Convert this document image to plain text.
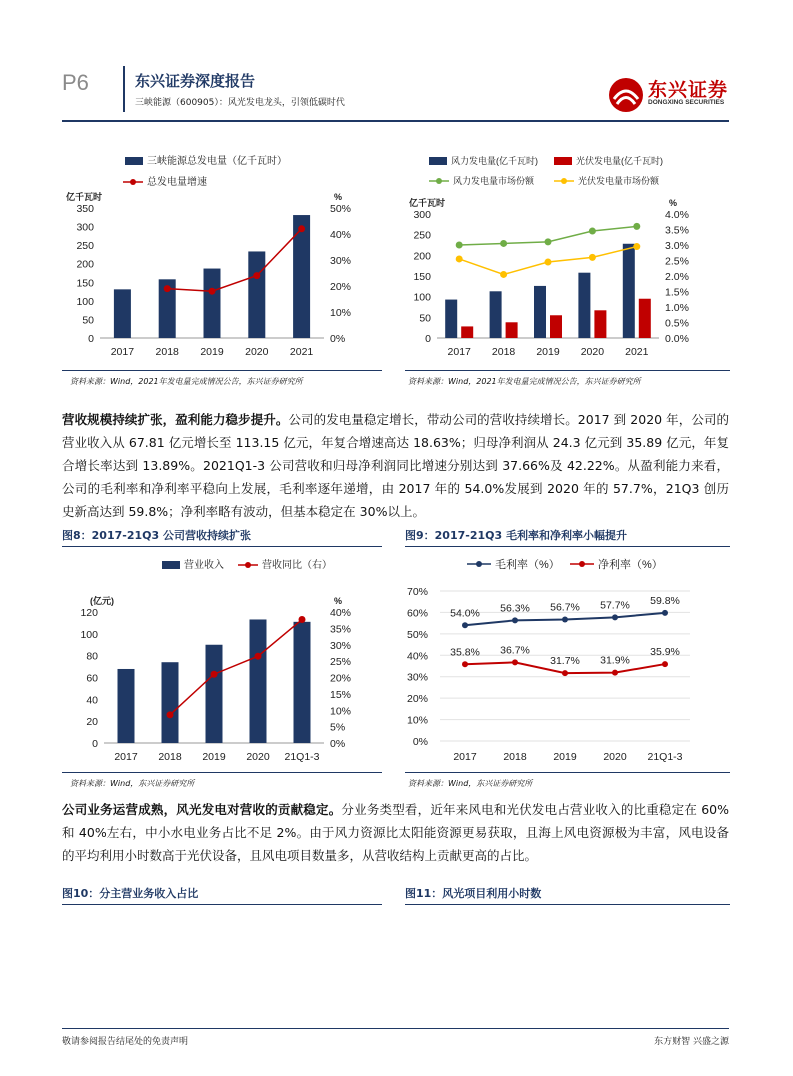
P6	东兴证券深度报告
三峡能源（600905）：风光发电龙头，引领低碳时代
东兴证券
DONGXING SECURITIES
三峡能源总发电量（亿千瓦时）
总发电量增速
亿千瓦时	%
0
50
100
150
200
250
300
350
0%
10%
20%
30%
40%
50%
2017 2018 2019 2020 2021
风力发电量(亿千瓦时)	光伏发电量(亿千瓦时)
风力发电量市场份额	光伏发电量市场份额
亿千瓦时	%
0
50
100
150
200
250
300
0.0%
0.5%
1.0%
1.5%
2.0%
2.5%
3.0%
3.5%
4.0%
2017 2018 2019 2020 2021
资料来源：Wind，2021年发电量完成情况公告，东兴证券研究所	资料来源：Wind，2021年发电量完成情况公告，东兴证券研究所
营收规模持续扩张，盈利能力稳步提升。公司的发电量稳定增长，带动公司的营收持续增长。2017 到 2020 年，公司的营业收入从 67.81 亿元增长至 113.15 亿元，年复合增速高达 18.63%；归母净利润从 24.3 亿元到 35.89 亿元，年复合增长率达到 13.89%。2021Q1-3 公司营收和归母净利润同比增速分别达到 37.66%及 42.22%。从盈利能力来看，公司的毛利率和净利率平稳向上发展，毛利率逐年递增，由 2017 年的 54.0%发展到 2020 年的 57.7%，21Q3 创历史新高达到 59.8%；净利率略有波动，但基本稳定在 30%以上。
图8：2017-21Q3 公司营收持续扩张	图9：2017-21Q3 毛利率和净利率小幅提升
营业收入	营收同比（右）
(亿元)	%
0
20
40
60
80
100
120
0%
5%
10%
15%
20%
25%
30%
35%
40%
2017 2018 2019 2020 21Q1-3
毛利率（%）	净利率（%）
0%
10%
20%
30%
40%
50%
60%
70%
2017	2018	2019	2020 21Q1-3
54.0% 56.3% 56.7% 57.7% 59.8%
35.8% 36.7%
31.7% 31.9%
35.9%
资料来源：Wind，东兴证券研究所	资料来源：Wind，东兴证券研究所
公司业务运营成熟，风光发电对营收的贡献稳定。分业务类型看，近年来风电和光伏发电占营业收入的比重稳定在 60%和 40%左右，中小水电业务占比不足 2%。由于风力资源比太阳能资源更易获取，且海上风电资源极为丰富，风电设备的平均利用小时数高于光伏设备，且风电项目数量多，从营收结构上贡献更高的占比。
图10：分主营业务收入占比	图11：风光项目利用小时数
敬请参阅报告结尾处的免责声明	东方财智 兴盛之源
